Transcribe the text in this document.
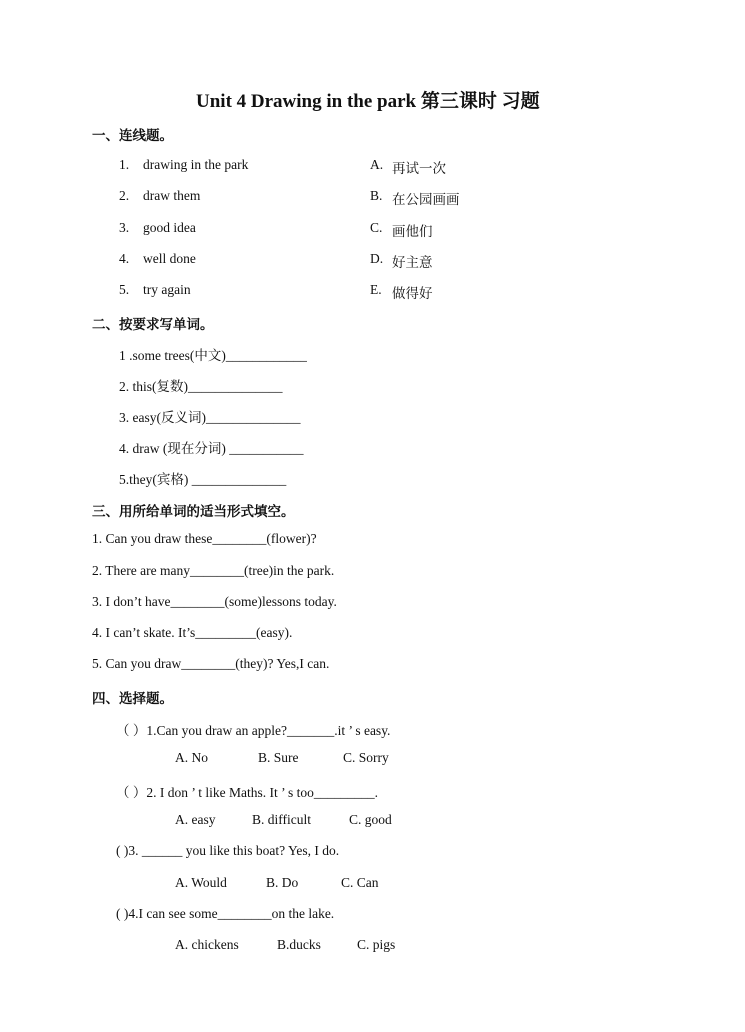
Unit 4 Drawing in the park 第三课时 习题
一、连线题。
1. drawing in the park	A. 再试一次
2. draw them	B. 在公园画画
3. good idea	C. 画他们
4. well done	D. 好主意
5. try again	E. 做得好
二、按要求写单词。
1 .some trees(中文)____________
2. this(复数)______________
3. easy(反义词)______________
4. draw (现在分词) ___________
5.they(宾格) ______________
三、用所给单词的适当形式填空。
1. Can you draw these________(flower)?
2. There are many________(tree)in the park.
3. I don’t have________(some)lessons today.
4. I can’t skate. It’s_________(easy).
5. Can you draw________(they)? Yes,I can.
四、选择题。
（ ）1.Can you draw an apple?_______.it ’ s easy.
A. No	B. Sure	C. Sorry
（ ）2. I don ’ t like Maths. It ’ s too_________.
A. easy	B. difficult	C. good
( )3. ______ you like this boat? Yes, I do.
A. Would	B. Do	C. Can
( )4.I can see some________on the lake.
A. chickens	B.ducks	C. pigs
